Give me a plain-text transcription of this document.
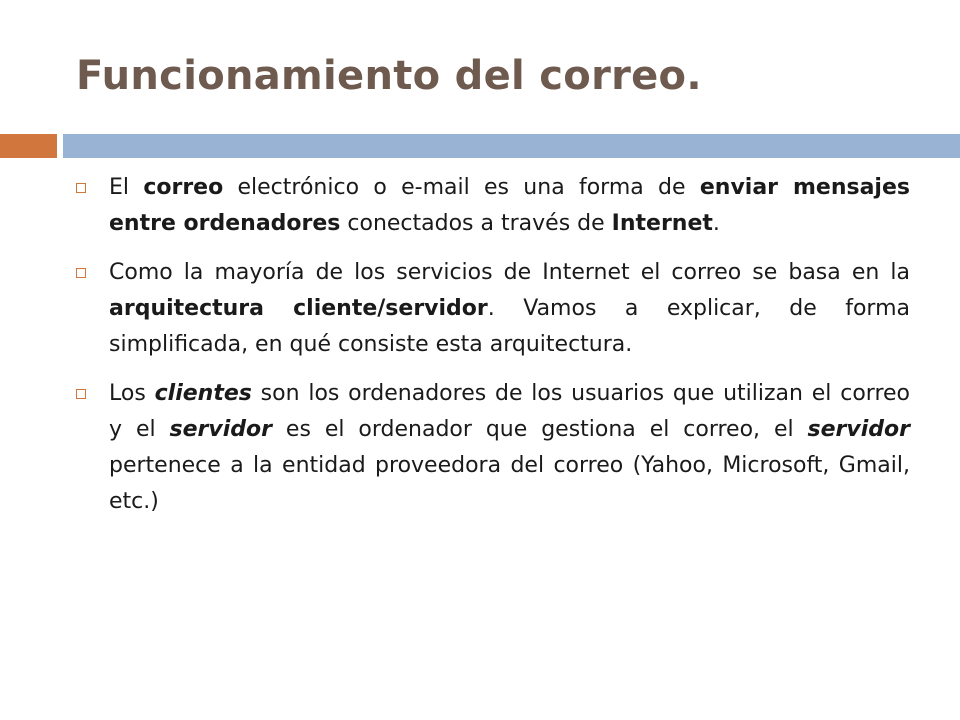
Funcionamiento del correo.

El correo electrónico o e-mail es una forma de enviar mensajes entre ordenadores conectados a través de Internet.

Como la mayoría de los servicios de Internet el correo se basa en la arquitectura cliente/servidor. Vamos a explicar, de forma simplificada, en qué consiste esta arquitectura.

Los clientes son los ordenadores de los usuarios que utilizan el correo y el servidor es el ordenador que gestiona el correo, el servidor pertenece a la entidad proveedora del correo (Yahoo, Microsoft, Gmail, etc.)
